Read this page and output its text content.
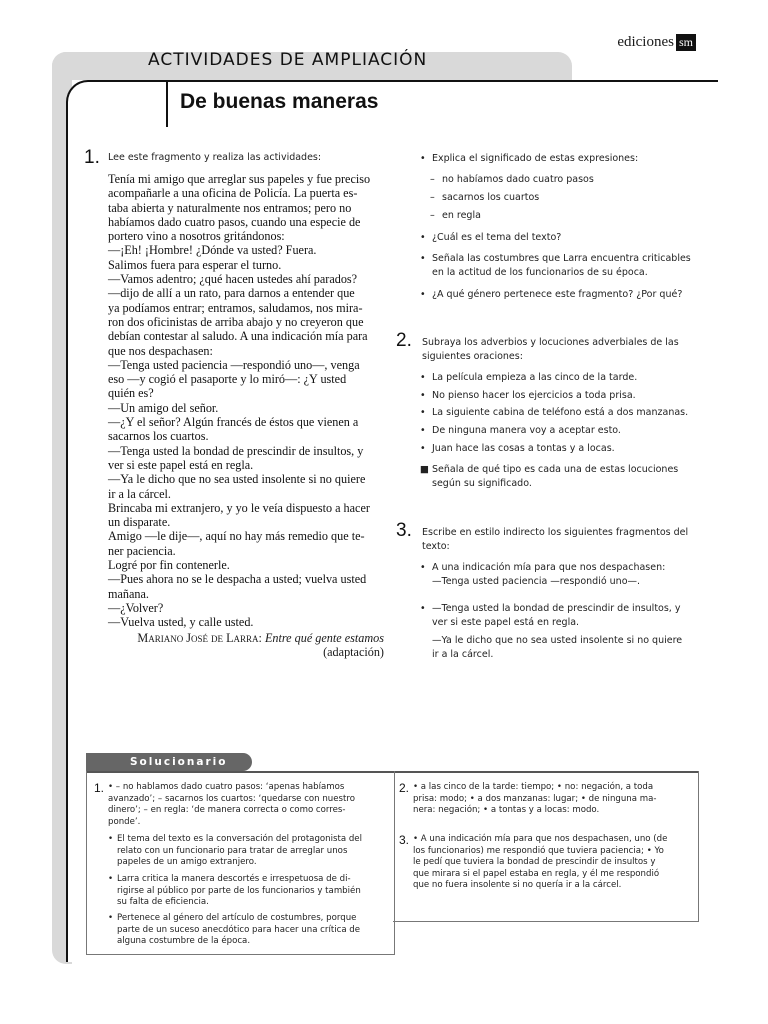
ediciones sm
ACTIVIDADES DE AMPLIACIÓN
De buenas maneras
1. Lee este fragmento y realiza las actividades:
Tenía mi amigo que arreglar sus papeles y fue preciso
acompañarle a una oficina de Policía. La puerta es-
taba abierta y naturalmente nos entramos; pero no
habíamos dado cuatro pasos, cuando una especie de
portero vino a nosotros gritándonos:
—¡Eh! ¡Hombre! ¿Dónde va usted? Fuera.
Salimos fuera para esperar el turno.
—Vamos adentro; ¿qué hacen ustedes ahí parados?
—dijo de allí a un rato, para darnos a entender que
ya podíamos entrar; entramos, saludamos, nos mira-
ron dos oficinistas de arriba abajo y no creyeron que
debían contestar al saludo. A una indicación mía para
que nos despachasen:
—Tenga usted paciencia —respondió uno—, venga
eso —y cogió el pasaporte y lo miró—: ¿Y usted
quién es?
—Un amigo del señor.
—¿Y el señor? Algún francés de éstos que vienen a
sacarnos los cuartos.
—Tenga usted la bondad de prescindir de insultos, y
ver si este papel está en regla.
—Ya le dicho que no sea usted insolente si no quiere
ir a la cárcel.
Brincaba mi extranjero, y yo le veía dispuesto a hacer
un disparate.
Amigo —le dije—, aquí no hay más remedio que te-
ner paciencia.
Logré por fin contenerle.
—Pues ahora no se le despacha a usted; vuelva usted
mañana.
—¿Volver?
—Vuelva usted, y calle usted.
Mariano José de Larra: Entre qué gente estamos
(adaptación)
• Explica el significado de estas expresiones:
– no habíamos dado cuatro pasos
– sacarnos los cuartos
– en regla
• ¿Cuál es el tema del texto?
• Señala las costumbres que Larra encuentra criticables
en la actitud de los funcionarios de su época.
• ¿A qué género pertenece este fragmento? ¿Por qué?
2. Subraya los adverbios y locuciones adverbiales de las
siguientes oraciones:
• La película empieza a las cinco de la tarde.
• No pienso hacer los ejercicios a toda prisa.
• La siguiente cabina de teléfono está a dos manzanas.
• De ninguna manera voy a aceptar esto.
• Juan hace las cosas a tontas y a locas.
■ Señala de qué tipo es cada una de estas locuciones
según su significado.
3. Escribe en estilo indirecto los siguientes fragmentos del
texto:
• A una indicación mía para que nos despachasen:
—Tenga usted paciencia —respondió uno—.
• —Tenga usted la bondad de prescindir de insultos, y
ver si este papel está en regla.
—Ya le dicho que no sea usted insolente si no quiere
ir a la cárcel.
Solucionario
1. • – no hablamos dado cuatro pasos: ‘apenas habíamos
avanzado’; – sacarnos los cuartos: ‘quedarse con nuestro
dinero’; – en regla: ‘de manera correcta o como corres-
ponde’.
• El tema del texto es la conversación del protagonista del
relato con un funcionario para tratar de arreglar unos
papeles de un amigo extranjero.
• Larra critica la manera descortés e irrespetuosa de di-
rigirse al público por parte de los funcionarios y también
su falta de eficiencia.
• Pertenece al género del artículo de costumbres, porque
parte de un suceso anecdótico para hacer una crítica de
alguna costumbre de la época.
2. • a las cinco de la tarde: tiempo; • no: negación, a toda
prisa: modo; • a dos manzanas: lugar; • de ninguna ma-
nera: negación; • a tontas y a locas: modo.
3. • A una indicación mía para que nos despachasen, uno (de
los funcionarios) me respondió que tuviera paciencia; • Yo
le pedí que tuviera la bondad de prescindir de insultos y
que mirara si el papel estaba en regla, y él me respondió
que no fuera insolente si no quería ir a la cárcel.
